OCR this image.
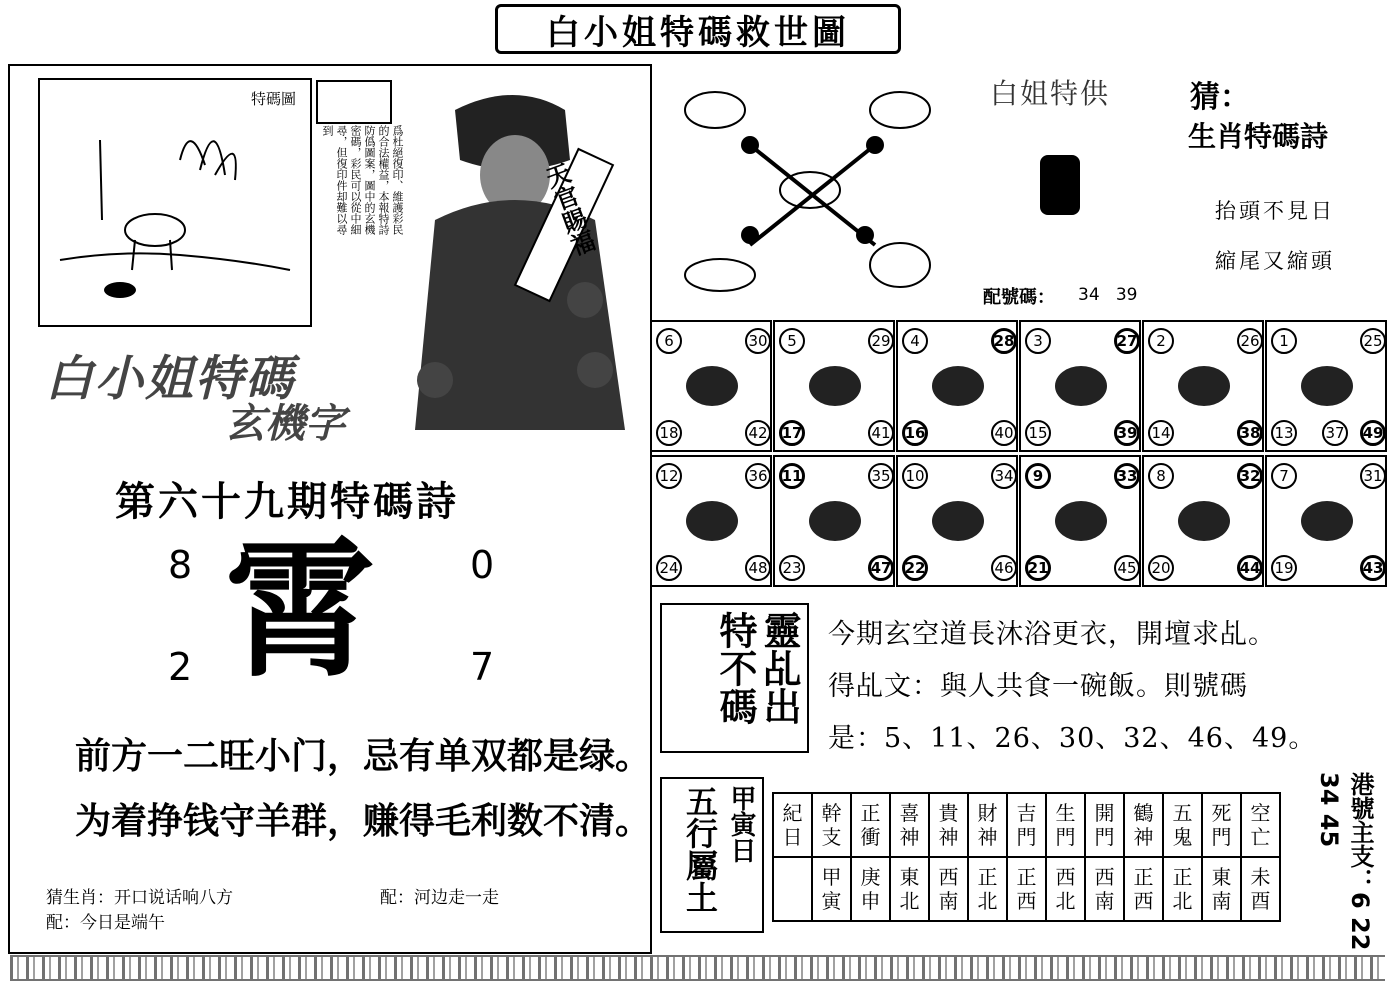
白小姐特碼救世圖
特碼圖
爲杜絕復印、維護彩民的合法權益，本報特詩防僞圖案，圖中的玄機密碼，彩民可以從中細尋，但復印件却難以尋到
天官賜福
白小姐特碼
玄機字
第六十九期特碼詩
8	0
2	7
霄
前方一二旺小门，忌有单双都是绿。
为着挣钱守羊群，赚得毛利数不清。
猜生肖：开口说话响八方	配：河边走一走
配：今日是端午
白姐特供	猜：
生肖特碼詩
抬頭不見日
縮尾又縮頭
配號碼： 34   39
6	30
18	42
5	29
17	41
4	28
16	40
3	27
15	39
2	26
14	38
1	25
13 37 49
12	36
24	48
11	35
23	47
10	34
22	46
9	33
21	45
8	32
20	44
7	31
19	43
靈乩出特不碼	今期玄空道長沐浴更衣，開壇求乩。
得乩文：與人共食一碗飯。則號碼
是：5、11、26、30、32、46、49。
五行屬土 甲寅日 紀日	幹支	正衝	喜神	貴神	財神	吉門	生門	開門	鶴神	五鬼	死門	空亡
	甲寅	庚申	東北	西南	正北	正西	西北	西南	正西	正北	東南	未酉	港號主支：6 22 34 45
